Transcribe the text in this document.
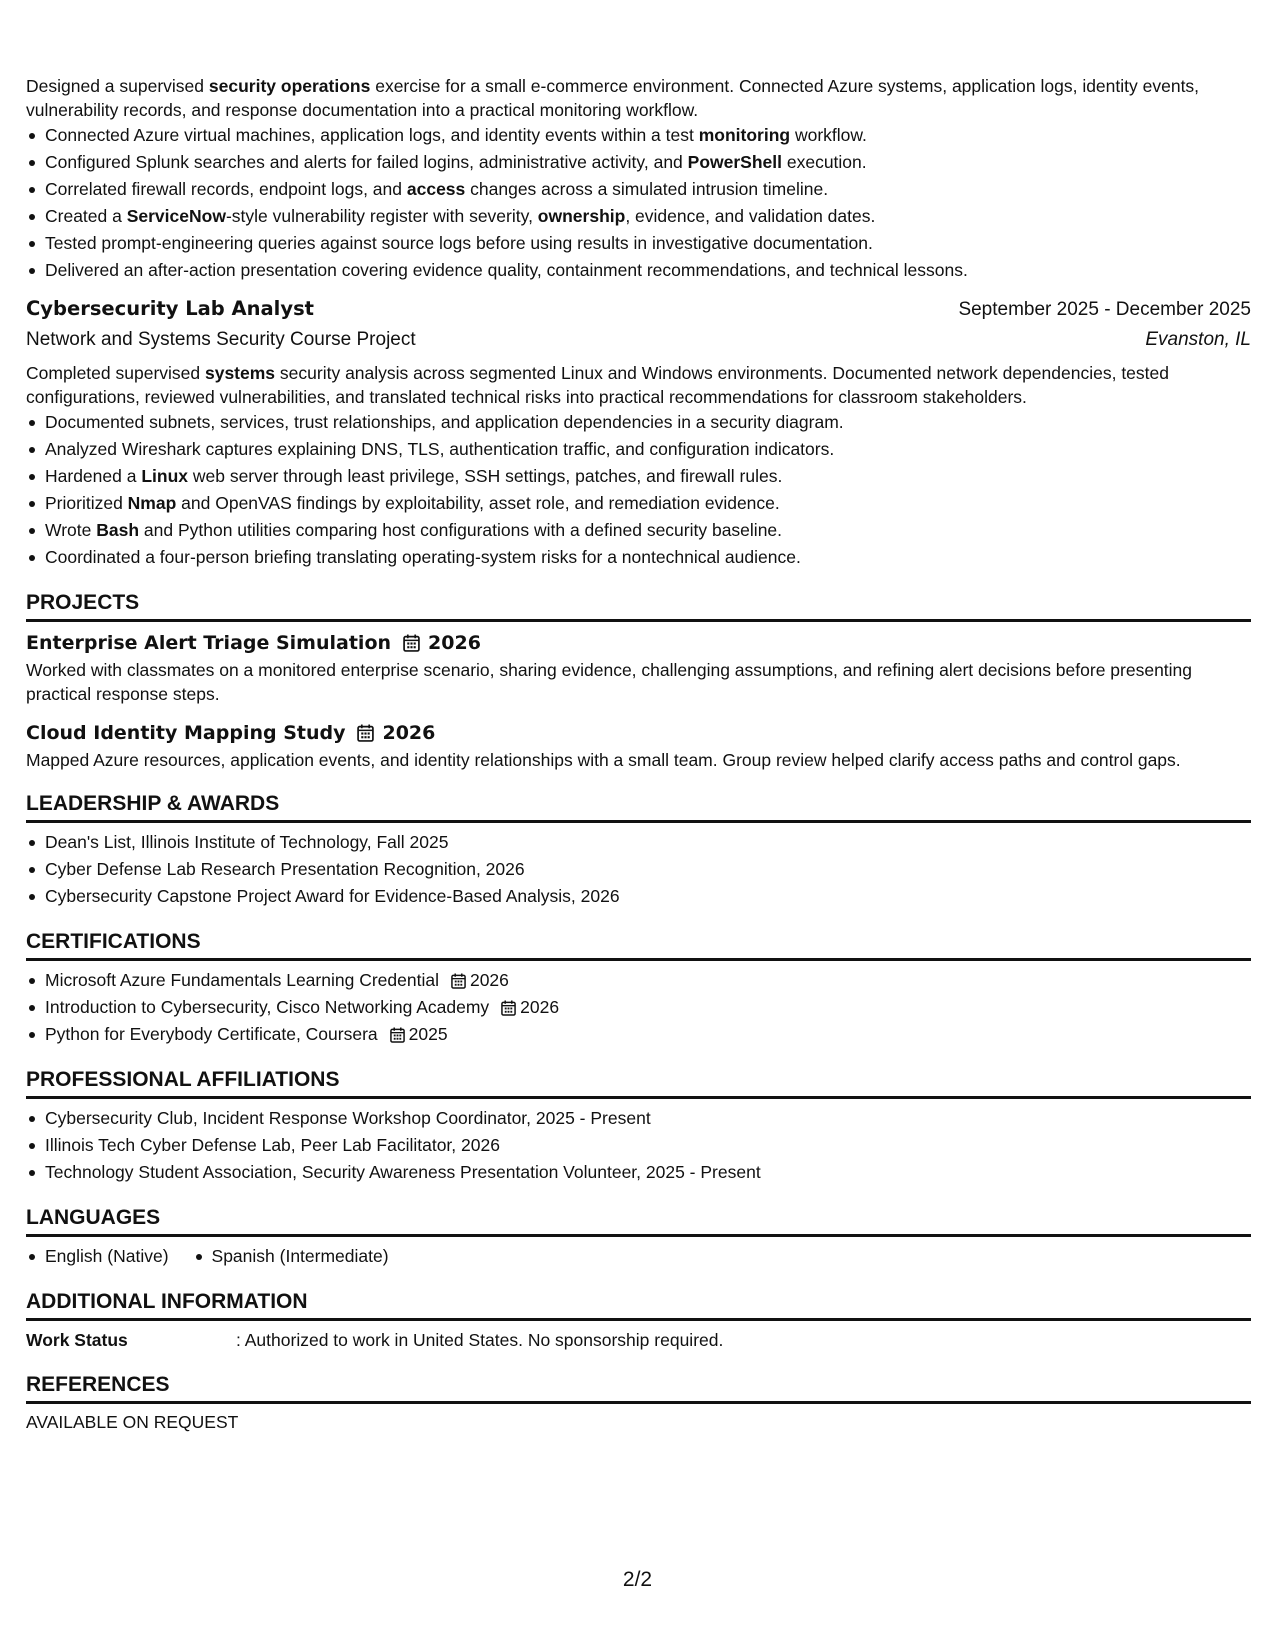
Designed a supervised security operations exercise for a small e-commerce environment. Connected Azure systems, application logs, identity events, vulnerability records, and response documentation into a practical monitoring workflow.

Connected Azure virtual machines, application logs, and identity events within a test monitoring workflow.
Configured Splunk searches and alerts for failed logins, administrative activity, and PowerShell execution.
Correlated firewall records, endpoint logs, and access changes across a simulated intrusion timeline.
Created a ServiceNow-style vulnerability register with severity, ownership, evidence, and validation dates.
Tested prompt-engineering queries against source logs before using results in investigative documentation.
Delivered an after-action presentation covering evidence quality, containment recommendations, and technical lessons.
Cybersecurity Lab Analyst	September 2025 - December 2025
Network and Systems Security Course Project	Evanston, IL

Completed supervised systems security analysis across segmented Linux and Windows environments. Documented network dependencies, tested configurations, reviewed vulnerabilities, and translated technical risks into practical recommendations for classroom stakeholders.

Documented subnets, services, trust relationships, and application dependencies in a security diagram.
Analyzed Wireshark captures explaining DNS, TLS, authentication traffic, and configuration indicators.
Hardened a Linux web server through least privilege, SSH settings, patches, and firewall rules.
Prioritized Nmap and OpenVAS findings by exploitability, asset role, and remediation evidence.
Wrote Bash and Python utilities comparing host configurations with a defined security baseline.
Coordinated a four-person briefing translating operating-system risks for a nontechnical audience.
PROJECTS
Enterprise Alert Triage Simulation 2026

Worked with classmates on a monitored enterprise scenario, sharing evidence, challenging assumptions, and refining alert decisions before presenting practical response steps.

Cloud Identity Mapping Study 2026

Mapped Azure resources, application events, and identity relationships with a small team. Group review helped clarify access paths and control gaps.

LEADERSHIP & AWARDS
Dean's List, Illinois Institute of Technology, Fall 2025
Cyber Defense Lab Research Presentation Recognition, 2026
Cybersecurity Capstone Project Award for Evidence-Based Analysis, 2026
CERTIFICATIONS
Microsoft Azure Fundamentals Learning Credential 2026
Introduction to Cybersecurity, Cisco Networking Academy 2026
Python for Everybody Certificate, Coursera 2025
PROFESSIONAL AFFILIATIONS
Cybersecurity Club, Incident Response Workshop Coordinator, 2025 - Present
Illinois Tech Cyber Defense Lab, Peer Lab Facilitator, 2026
Technology Student Association, Security Awareness Presentation Volunteer, 2025 - Present
LANGUAGES
English (Native)	Spanish (Intermediate)
ADDITIONAL INFORMATION
Work Status	: Authorized to work in United States. No sponsorship required.
REFERENCES

AVAILABLE ON REQUEST

2/2
